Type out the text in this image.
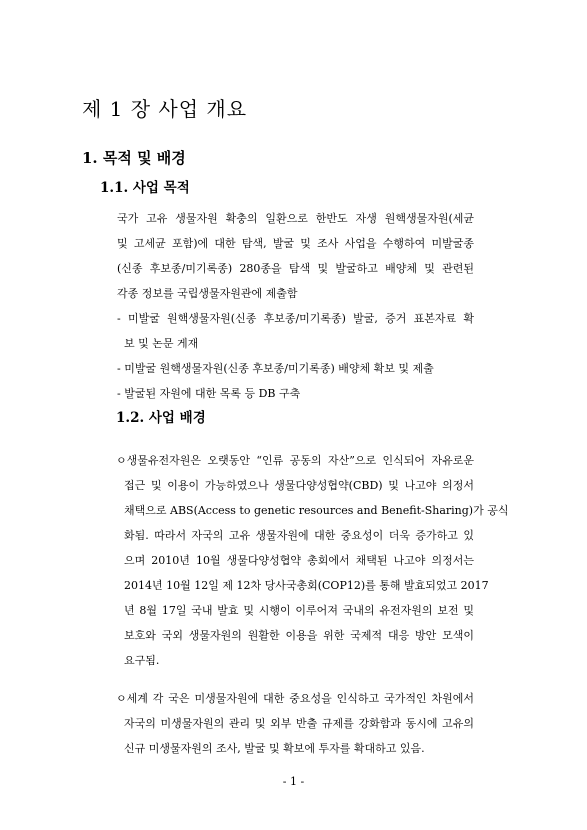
제 1 장 사업 개요
1. 목적 및 배경
1.1. 사업 목적
국가 고유 생물자원 확충의 일환으로 한반도 자생 원핵생물자원(세균
및 고세균 포함)에 대한 탐색, 발굴 및 조사 사업을 수행하여 미발굴종
(신종 후보종/미기록종) 280종을 탐색 및 발굴하고 배양체 및 관련된
각종 정보를 국립생물자원관에 제출함
- 미발굴 원핵생물자원(신종 후보종/미기록종) 발굴, 증거 표본자료 확
보 및 논문 게재
- 미발굴 원핵생물자원(신종 후보종/미기록종) 배양체 확보 및 제출
- 발굴된 자원에 대한 목록 등 DB 구축
1.2. 사업 배경
ㅇ생물유전자원은 오랫동안 “인류 공동의 자산”으로 인식되어 자유로운
접근 및 이용이 가능하였으나 생물다양성협약(CBD) 및 나고야 의정서
채택으로 ABS(Access to genetic resources and Benefit-Sharing)가 공식
화됨. 따라서 자국의 고유 생물자원에 대한 중요성이 더욱 증가하고 있
으며 2010년 10월 생물다양성협약 총회에서 채택된 나고야 의정서는
2014년 10월 12일 제 12차 당사국총회(COP12)를 통해 발효되었고 2017
년 8월 17일 국내 발효 및 시행이 이루어져 국내의 유전자원의 보전 및
보호와 국외 생물자원의 원활한 이용을 위한 국제적 대응 방안 모색이
요구됨.
ㅇ세계 각 국은 미생물자원에 대한 중요성을 인식하고 국가적인 차원에서
자국의 미생물자원의 관리 및 외부 반출 규제를 강화함과 동시에 고유의
신규 미생물자원의 조사, 발굴 및 확보에 투자를 확대하고 있음.
- 1 -
